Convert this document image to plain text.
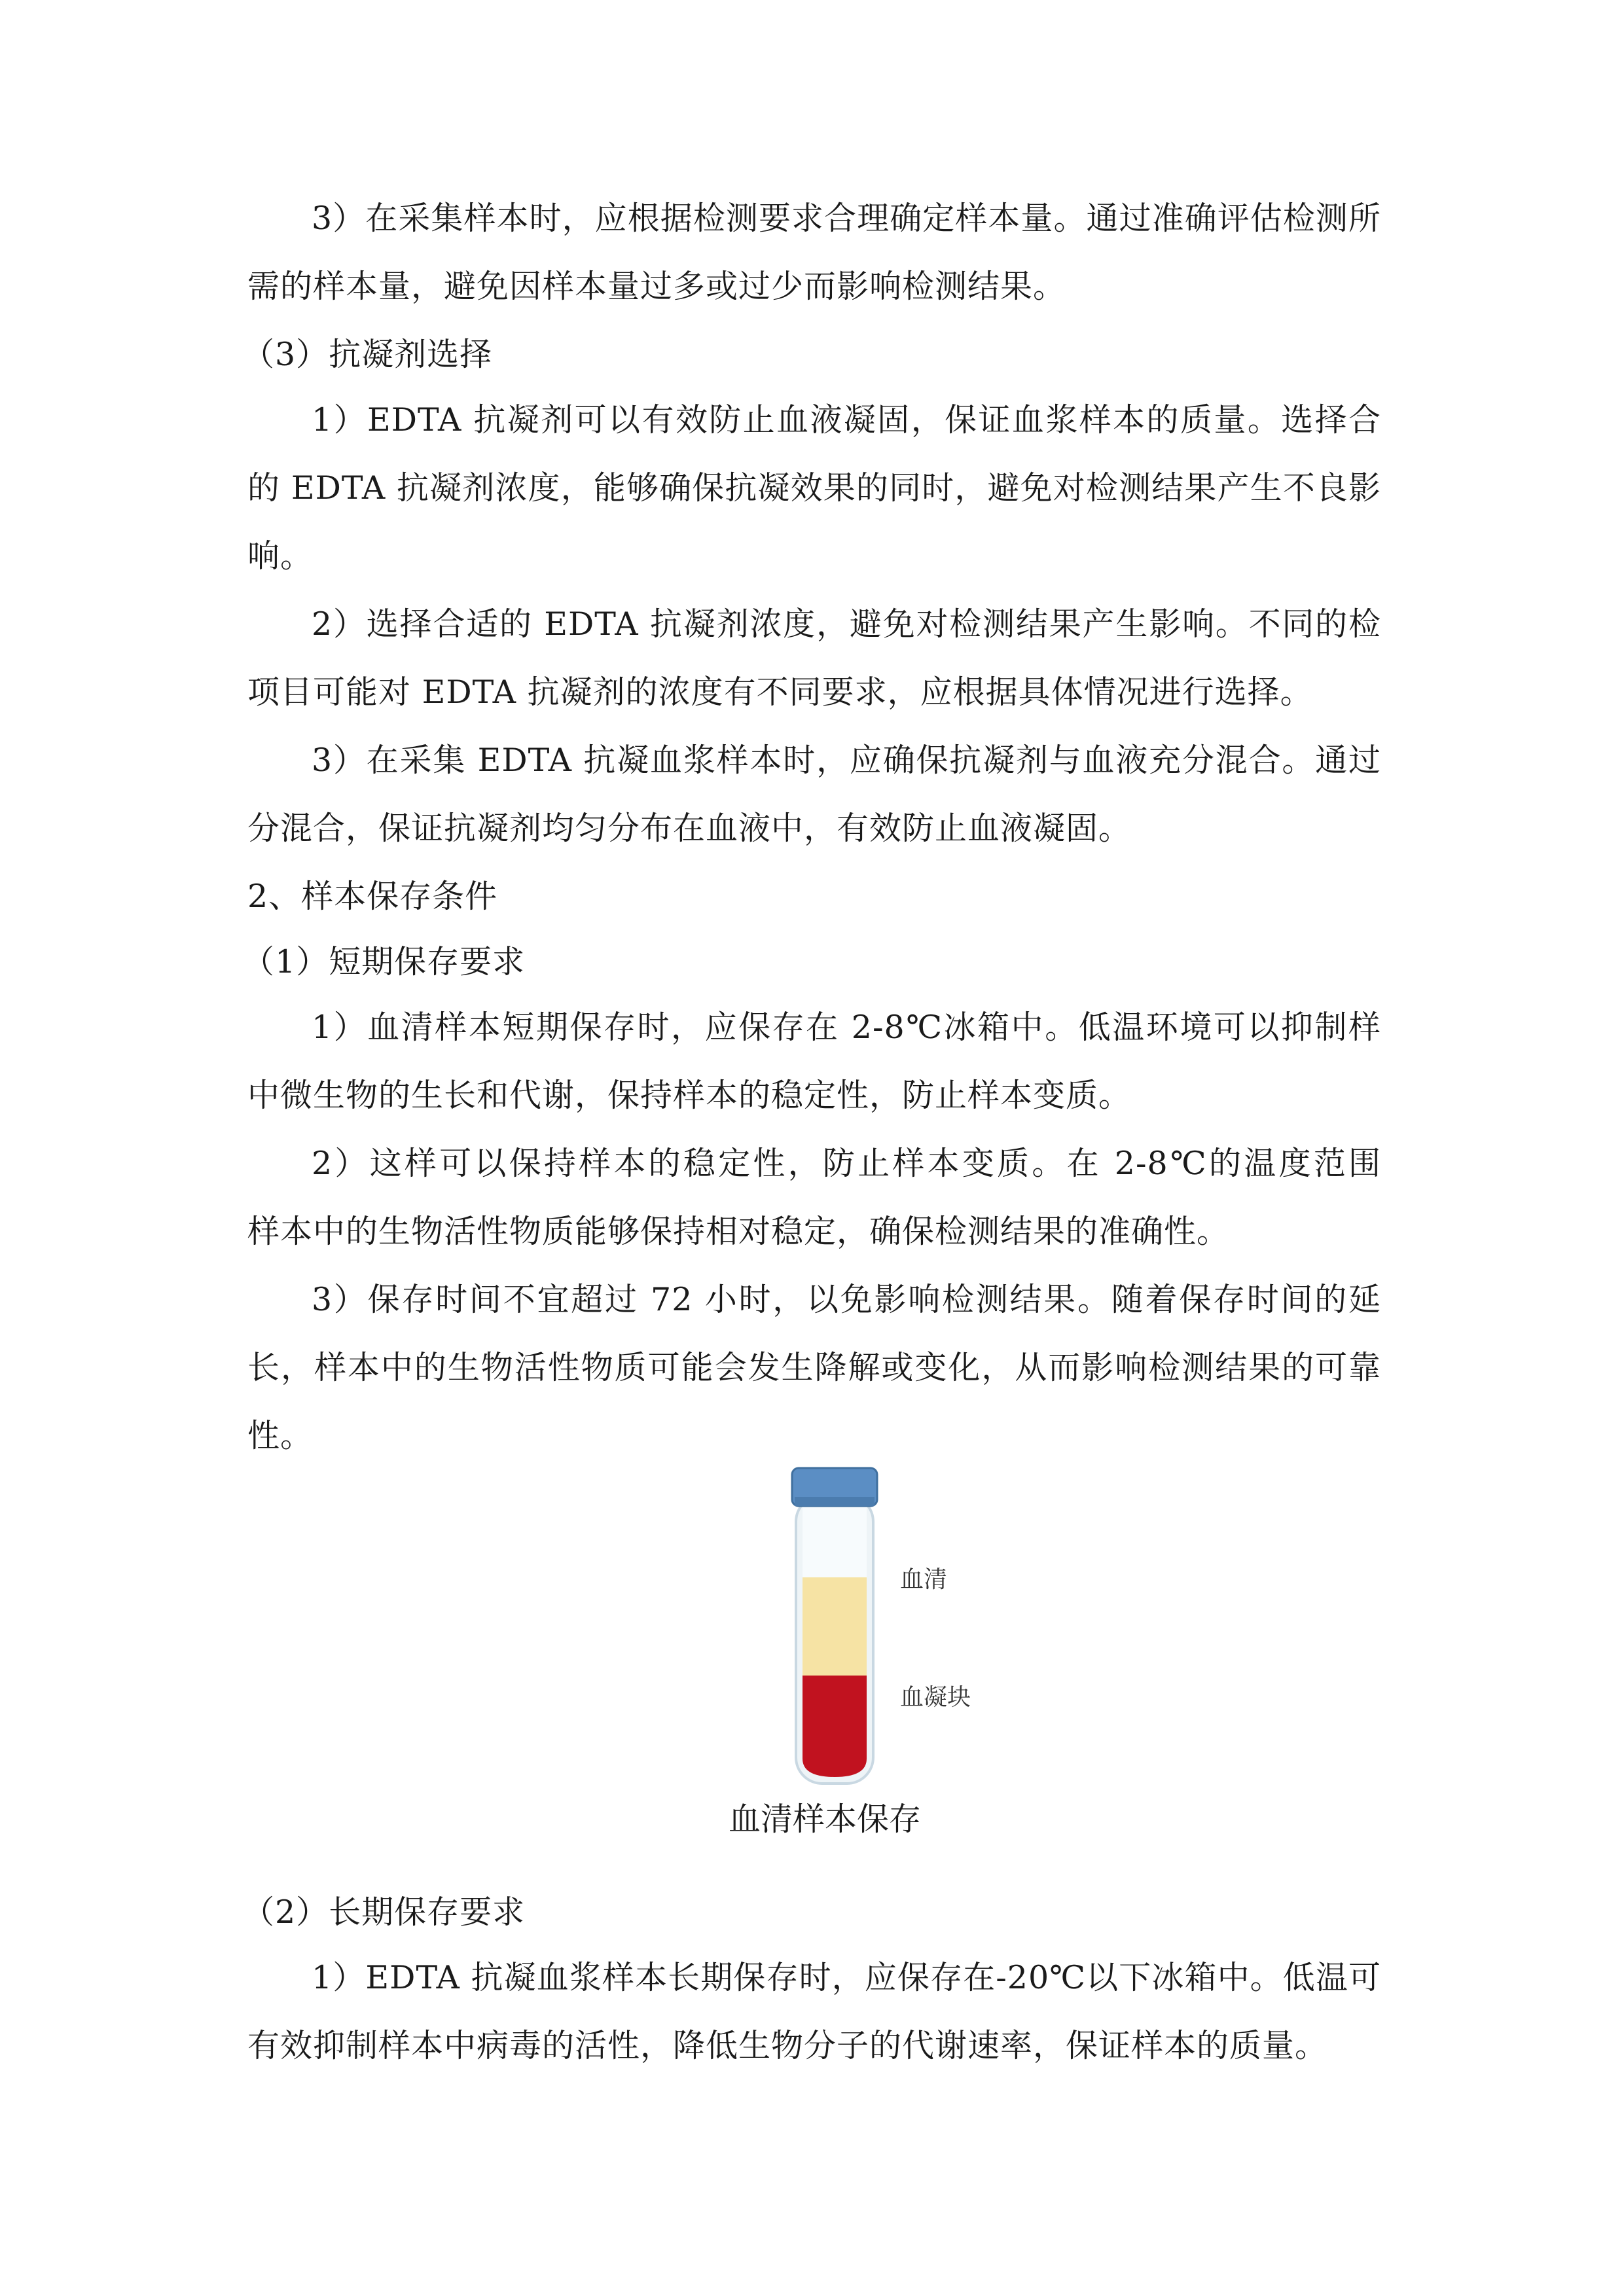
3）在采集样本时，应根据检测要求合理确定样本量。通过准确评估检测所
需的样本量，避免因样本量过多或过少而影响检测结果。
（3）抗凝剂选择
1）EDTA 抗凝剂可以有效防止血液凝固，保证血浆样本的质量。选择合
的 EDTA 抗凝剂浓度，能够确保抗凝效果的同时，避免对检测结果产生不良影
响。
2）选择合适的 EDTA 抗凝剂浓度，避免对检测结果产生影响。不同的检
项目可能对 EDTA 抗凝剂的浓度有不同要求，应根据具体情况进行选择。
3）在采集 EDTA 抗凝血浆样本时，应确保抗凝剂与血液充分混合。通过
分混合，保证抗凝剂均匀分布在血液中，有效防止血液凝固。
2、样本保存条件
（1）短期保存要求
1）血清样本短期保存时，应保存在 2-8℃冰箱中。低温环境可以抑制样
中微生物的生长和代谢，保持样本的稳定性，防止样本变质。
2）这样可以保持样本的稳定性，防止样本变质。在 2-8℃的温度范围
样本中的生物活性物质能够保持相对稳定，确保检测结果的准确性。
3）保存时间不宜超过 72 小时，以免影响检测结果。随着保存时间的延
长，样本中的生物活性物质可能会发生降解或变化，从而影响检测结果的可靠
性。
血清
血凝块
血清样本保存
（2）长期保存要求
1）EDTA 抗凝血浆样本长期保存时，应保存在-20℃以下冰箱中。低温可
有效抑制样本中病毒的活性，降低生物分子的代谢速率，保证样本的质量。
